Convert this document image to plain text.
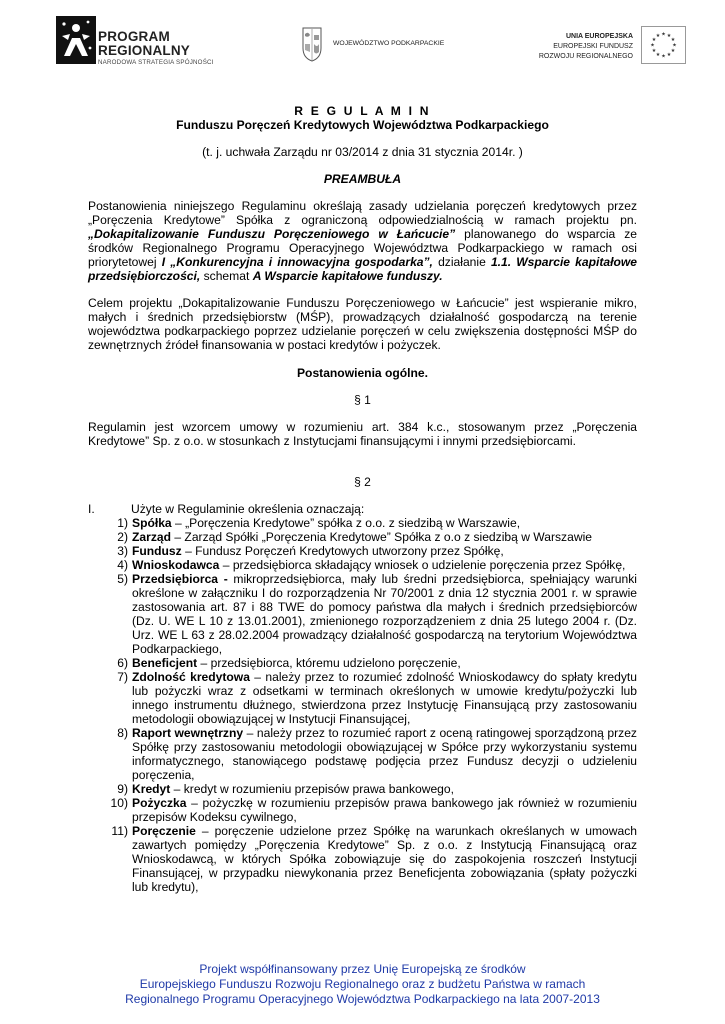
PROGRAM
REGIONALNY
NARODOWA STRATEGIA SPÓJNOŚCI
WOJEWÓDZTWO PODKARPACKIE
UNIA EUROPEJSKA
EUROPEJSKI FUNDUSZ
ROZWOJU REGIONALNEGO
★
★
★
★
★
★
★
★
★ ★ ★
★

R E G U L A M I N

Funduszu Poręczeń Kredytowych Województwa Podkarpackiego

(t. j. uchwała Zarządu nr 03/2014 z dnia 31 stycznia 2014r. )

PREAMBUŁA

Postanowienia niniejszego Regulaminu określają zasady udzielania poręczeń kredytowych przez „Poręczenia Kredytowe” Spółka z ograniczoną odpowiedzialnością w ramach projektu pn. „Dokapitalizowanie Funduszu Poręczeniowego w Łańcucie” planowanego do wsparcia ze środków Regionalnego Programu Operacyjnego Województwa Podkarpackiego w ramach osi priorytetowej I „Konkurencyjna i innowacyjna gospodarka”, działanie 1.1. Wsparcie kapitałowe przedsiębiorczości, schemat A Wsparcie kapitałowe funduszy.

Celem projektu „Dokapitalizowanie Funduszu Poręczeniowego w Łańcucie” jest wspieranie mikro, małych i średnich przedsiębiorstw (MŚP), prowadzących działalność gospodarczą na terenie województwa podkarpackiego poprzez udzielanie poręczeń w celu zwiększenia dostępności MŚP do zewnętrznych źródeł finansowania w postaci kredytów i pożyczek.

Postanowienia ogólne.

§ 1

Regulamin jest wzorcem umowy w rozumieniu art. 384 k.c., stosowanym przez „Poręczenia Kredytowe” Sp. z o.o. w stosunkach z Instytucjami finansującymi i innymi przedsiębiorcami.

§ 2

I.	Użyte w Regulaminie określenia oznaczają:
1) Spółka – „Poręczenia Kredytowe” spółka z o.o. z siedzibą w Warszawie,
2) Zarząd – Zarząd Spółki „Poręczenia Kredytowe” Spółka z o.o z siedzibą w Warszawie
3) Fundusz – Fundusz Poręczeń Kredytowych utworzony przez Spółkę,
4) Wnioskodawca – przedsiębiorca składający wniosek o udzielenie poręczenia przez Spółkę,
5) Przedsiębiorca - mikroprzedsiębiorca, mały lub średni przedsiębiorca, spełniający warunki określone w załączniku I do rozporządzenia Nr 70/2001 z dnia 12 stycznia 2001 r. w sprawie zastosowania art. 87 i 88 TWE do pomocy państwa dla małych i średnich przedsiębiorców (Dz. U. WE L 10 z 13.01.2001), zmienionego rozporządzeniem z dnia 25 lutego 2004 r. (Dz. Urz. WE L 63 z 28.02.2004 prowadzący działalność gospodarczą na terytorium Województwa Podkarpackiego,
6) Beneficjent – przedsiębiorca, któremu udzielono poręczenie,
7) Zdolność kredytowa – należy przez to rozumieć zdolność Wnioskodawcy do spłaty kredytu lub pożyczki wraz z odsetkami w terminach określonych w umowie kredytu/pożyczki lub innego instrumentu dłużnego, stwierdzona przez Instytucję Finansującą przy zastosowaniu metodologii obowiązującej w Instytucji Finansującej,
8) Raport wewnętrzny – należy przez to rozumieć raport z oceną ratingowej sporządzoną przez Spółkę przy zastosowaniu metodologii obowiązującej w Spółce przy wykorzystaniu systemu informatycznego, stanowiącego podstawę podjęcia przez Fundusz decyzji o udzieleniu poręczenia,
9) Kredyt – kredyt w rozumieniu przepisów prawa bankowego,
10) Pożyczka – pożyczkę w rozumieniu przepisów prawa bankowego jak również w rozumieniu przepisów Kodeksu cywilnego,
11) Poręczenie – poręczenie udzielone przez Spółkę na warunkach określanych w umowach zawartych pomiędzy „Poręczenia Kredytowe” Sp. z o.o. z Instytucją Finansującą oraz Wnioskodawcą, w których Spółka zobowiązuje się do zaspokojenia roszczeń Instytucji Finansującej, w przypadku niewykonania przez Beneficjenta zobowiązania (spłaty pożyczki lub kredytu),
Projekt współfinansowany przez Unię Europejską ze środków
Europejskiego Funduszu Rozwoju Regionalnego oraz z budżetu Państwa w ramach
Regionalnego Programu Operacyjnego Województwa Podkarpackiego na lata 2007-2013
